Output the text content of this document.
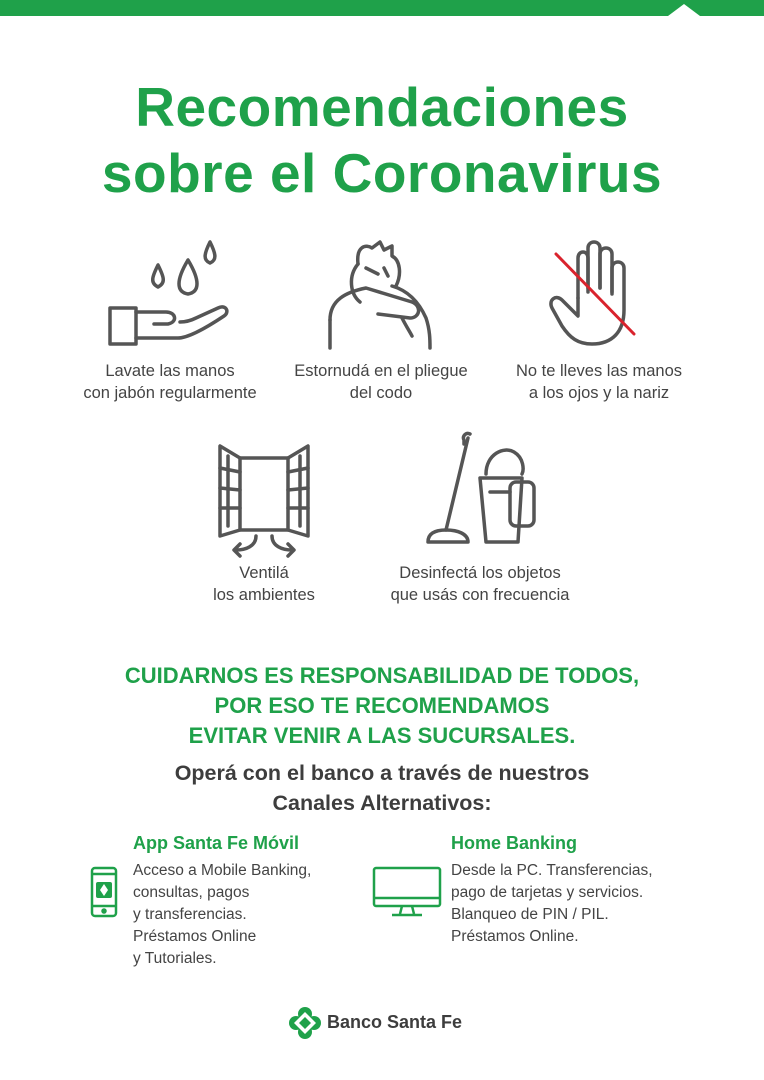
Recomendaciones
sobre el Coronavirus
Lavate las manos
con jabón regularmente
Estornudá en el pliegue
del codo
No te lleves las manos
a los ojos y la nariz
Ventilá
los ambientes
Desinfectá los objetos
que usás con frecuencia
CUIDARNOS ES RESPONSABILIDAD DE TODOS,
POR ESO TE RECOMENDAMOS
EVITAR VENIR A LAS SUCURSALES.
Operá con el banco a través de nuestros
Canales Alternativos:
App Santa Fe Móvil
Acceso a Mobile Banking,
consultas, pagos
y transferencias.
Préstamos Online
y Tutoriales.
Home Banking
Desde la PC. Transferencias,
pago de tarjetas y servicios.
Blanqueo de PIN / PIL.
Préstamos Online.
Banco Santa Fe
